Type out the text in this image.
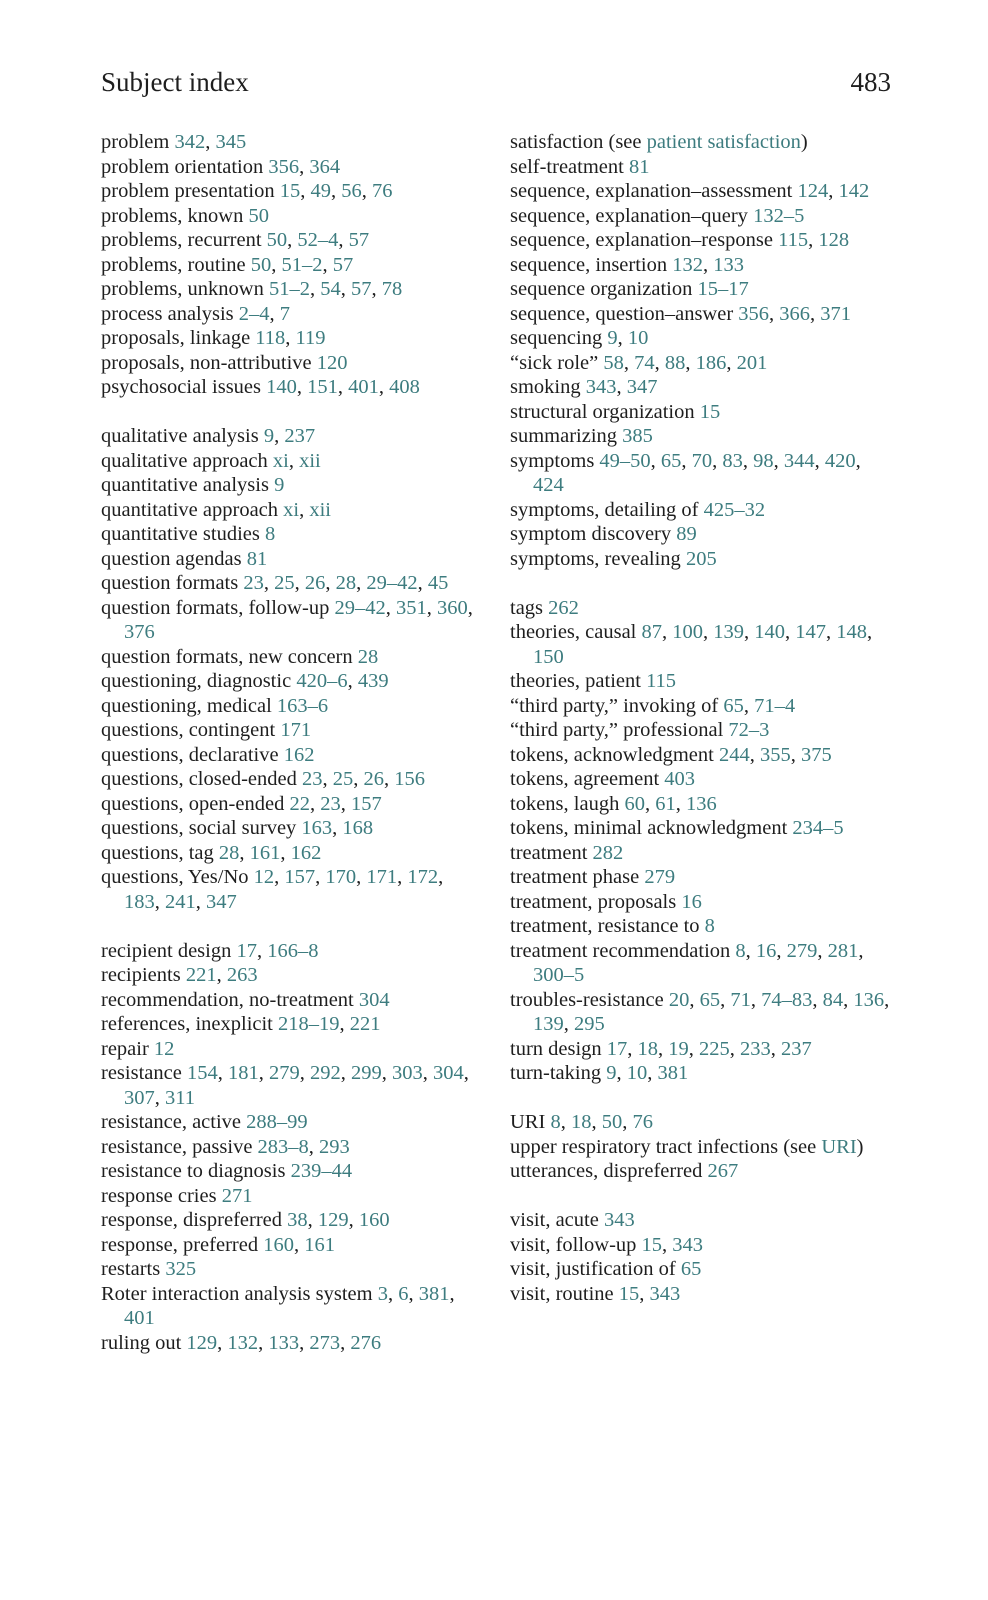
Subject index	483
problem 342, 345
problem orientation 356, 364
problem presentation 15, 49, 56, 76
problems, known 50
problems, recurrent 50, 52–4, 57
problems, routine 50, 51–2, 57
problems, unknown 51–2, 54, 57, 78
process analysis 2–4, 7
proposals, linkage 118, 119
proposals, non-attributive 120
psychosocial issues 140, 151, 401, 408
qualitative analysis 9, 237
qualitative approach xi, xii
quantitative analysis 9
quantitative approach xi, xii
quantitative studies 8
question agendas 81
question formats 23, 25, 26, 28, 29–42, 45
question formats, follow-up 29–42, 351, 360, 376
question formats, new concern 28
questioning, diagnostic 420–6, 439
questioning, medical 163–6
questions, contingent 171
questions, declarative 162
questions, closed-ended 23, 25, 26, 156
questions, open-ended 22, 23, 157
questions, social survey 163, 168
questions, tag 28, 161, 162
questions, Yes/No 12, 157, 170, 171, 172, 183, 241, 347
recipient design 17, 166–8
recipients 221, 263
recommendation, no-treatment 304
references, inexplicit 218–19, 221
repair 12
resistance 154, 181, 279, 292, 299, 303, 304, 307, 311
resistance, active 288–99
resistance, passive 283–8, 293
resistance to diagnosis 239–44
response cries 271
response, dispreferred 38, 129, 160
response, preferred 160, 161
restarts 325
Roter interaction analysis system 3, 6, 381, 401
ruling out 129, 132, 133, 273, 276
satisfaction (see patient satisfaction)
self-treatment 81
sequence, explanation–assessment 124, 142
sequence, explanation–query 132–5
sequence, explanation–response 115, 128
sequence, insertion 132, 133
sequence organization 15–17
sequence, question–answer 356, 366, 371
sequencing 9, 10
“sick role” 58, 74, 88, 186, 201
smoking 343, 347
structural organization 15
summarizing 385
symptoms 49–50, 65, 70, 83, 98, 344, 420, 424
symptoms, detailing of 425–32
symptom discovery 89
symptoms, revealing 205
tags 262
theories, causal 87, 100, 139, 140, 147, 148, 150
theories, patient 115
“third party,” invoking of 65, 71–4
“third party,” professional 72–3
tokens, acknowledgment 244, 355, 375
tokens, agreement 403
tokens, laugh 60, 61, 136
tokens, minimal acknowledgment 234–5
treatment 282
treatment phase 279
treatment, proposals 16
treatment, resistance to 8
treatment recommendation 8, 16, 279, 281, 300–5
troubles-resistance 20, 65, 71, 74–83, 84, 136, 139, 295
turn design 17, 18, 19, 225, 233, 237
turn-taking 9, 10, 381
URI 8, 18, 50, 76
upper respiratory tract infections (see URI)
utterances, dispreferred 267
visit, acute 343
visit, follow-up 15, 343
visit, justification of 65
visit, routine 15, 343
